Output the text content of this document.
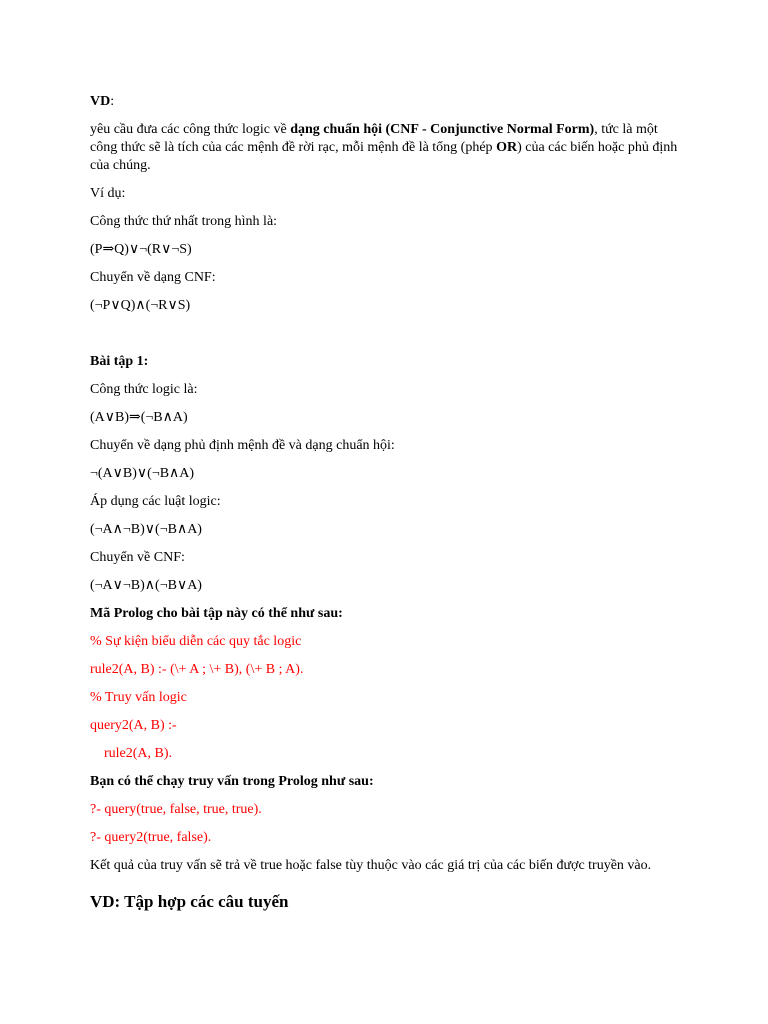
VD:

yêu cầu đưa các công thức logic về dạng chuẩn hội (CNF - Conjunctive Normal Form), tức là một công thức sẽ là tích của các mệnh đề rời rạc, mỗi mệnh đề là tổng (phép OR) của các biến hoặc phủ định của chúng.

Ví dụ:

Công thức thứ nhất trong hình là:

(P⇒Q)∨¬(R∨¬S)

Chuyển về dạng CNF:

(¬P∨Q)∧(¬R∨S)

Bài tập 1:

Công thức logic là:

(A∨B)⇒(¬B∧A)

Chuyển về dạng phủ định mệnh đề và dạng chuẩn hội:

¬(A∨B)∨(¬B∧A)

Áp dụng các luật logic:

(¬A∧¬B)∨(¬B∧A)

Chuyển về CNF:

(¬A∨¬B)∧(¬B∨A)

Mã Prolog cho bài tập này có thể như sau:

% Sự kiện biểu diễn các quy tắc logic

rule2(A, B) :- (\+ A ; \+ B), (\+ B ; A).

% Truy vấn logic

query2(A, B) :-

rule2(A, B).

Bạn có thể chạy truy vấn trong Prolog như sau:

?- query(true, false, true, true).

?- query2(true, false).

Kết quả của truy vấn sẽ trả về true hoặc false tùy thuộc vào các giá trị của các biến được truyền vào.

VD: Tập hợp các câu tuyến
